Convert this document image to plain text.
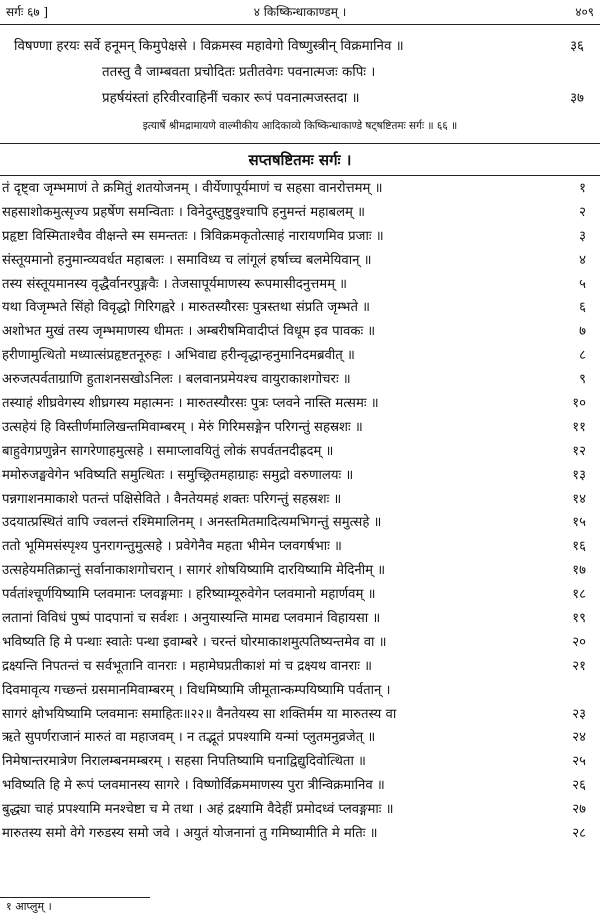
सर्गः ६७ ]	४ किष्किन्धाकाण्डम् ।	४०९
विषण्णा हरयः सर्वे हनूमन् किमुपेक्षसे । विक्रमस्व महावेगो विष्णुस्त्रीन् विक्रमानिव ॥	३६
ततस्तु वै जाम्बवता प्रचोदितः प्रतीतवेगः पवनात्मजः कपिः ।
प्रहर्षयंस्तां हरिवीरवाहिनीं चकार रूपं पवनात्मजस्तदा ॥	३७
इत्यार्षे श्रीमद्रामायणे वाल्मीकीय आदिकाव्ये किष्किन्धाकाण्डे षट्षष्टितमः सर्गः ॥ ६६ ॥
सप्तषष्टितमः सर्गः ।
तं दृष्ट्वा जृम्भमाणं ते क्रमितुं शतयोजनम् । वीर्येणापूर्यमाणं च सहसा वानरोत्तमम् ॥	१
सहसाशोकमुत्सृज्य प्रहर्षेण समन्विताः । विनेदुस्तुष्टुवुश्चापि हनुमन्तं महाबलम् ॥	२
प्रहृष्टा विस्मिताश्चैव वीक्षन्ते स्म समन्ततः । त्रिविक्रमकृतोत्साहं नारायणमिव प्रजाः ॥	३
संस्तूयमानो हनुमान्व्यवर्धत महाबलः । समाविध्य च लांगूलं हर्षाच्च बलमेयिवान् ॥	४
तस्य संस्तूयमानस्य वृद्धैर्वानरपुङ्गवैः । तेजसापूर्यमाणस्य रूपमासीदनुत्तमम् ॥	५
यथा विजृम्भते सिंहो विवृद्धो गिरिगह्वरे । मारुतस्यौरसः पुत्रस्तथा संप्रति जृम्भते ॥	६
अशोभत मुखं तस्य जृम्भमाणस्य धीमतः । अम्बरीषमिवादीप्तं विधूम इव पावकः ॥	७
हरीणामुत्थितो मध्यात्संप्रहृष्टतनूरुहः । अभिवाद्य हरीन्वृद्धान्हनुमानिदमब्रवीत् ॥	८
अरुजत्पर्वताग्राणि हुताशनसखोऽनिलः । बलवानप्रमेयश्च वायुराकाशगोचरः ॥	९
तस्याहं शीघ्रवेगस्य शीघ्रगस्य महात्मनः । मारुतस्यौरसः पुत्रः प्लवने नास्ति मत्समः ॥	१०
उत्सहेयं हि विस्तीर्णमालिखन्तमिवाम्बरम् । मेरुं गिरिमसङ्गेन परिगन्तुं सहस्रशः ॥	११
बाहुवेगप्रणुन्नेन सागरेणाहमुत्सहे । समाप्लावयितुं लोकं सपर्वतनदीह्रदम् ॥	१२
ममोरुजङ्घवेगेन भविष्यति समुत्थितः । समुच्छ्रितमहाग्राहः समुद्रो वरुणालयः ॥	१३
पन्नगाशनमाकाशे पतन्तं पक्षिसेविते । वैनतेयमहं शक्तः परिगन्तुं सहस्रशः ॥	१४
उदयात्प्रस्थितं वापि ज्वलन्तं रश्मिमालिनम् । अनस्तमितमादित्यमभिगन्तुं समुत्सहे ॥	१५
ततो भूमिमसंस्पृश्य पुनरागन्तुमुत्सहे । प्रवेगेनैव महता भीमेन प्लवगर्षभाः ॥	१६
उत्सहेयमतिक्रान्तुं सर्वानाकाशगोचरान् । सागरं शोषयिष्यामि दारयिष्यामि मेदिनीम् ॥	१७
पर्वतांश्चूर्णयिष्यामि प्लवमानः प्लवङ्गमाः । हरिष्याम्यूरुवेगेन प्लवमानो महार्णवम् ॥	१८
लतानां विविधं पुष्पं पादपानां च सर्वशः । अनुयास्यन्ति मामद्य प्लवमानं विहायसा ॥	१९
भविष्यति हि मे पन्थाः स्वातेः पन्था इवाम्बरे । चरन्तं घोरमाकाशमुत्पतिष्यन्तमेव वा ॥	२०
द्रक्ष्यन्ति निपतन्तं च सर्वभूतानि वानराः । महामेघप्रतीकाशं मां च द्रक्ष्यथ वानराः ॥	२१
दिवमावृत्य गच्छन्तं ग्रसमानमिवाम्बरम् । विधमिष्यामि जीमूतान्कम्पयिष्यामि पर्वतान् ।
सागरं क्षोभयिष्यामि प्लवमानः समाहितः॥२२॥ वैनतेयस्य सा शक्तिर्मम या मारुतस्य वा	२३
ऋते सुपर्णराजानं मारुतं वा महाजवम् । न तद्भूतं प्रपश्यामि यन्मां प्लुतमनुव्रजेत् ॥	२४
निमेषान्तरमात्रेण निरालम्बनमम्बरम् । सहसा निपतिष्यामि घनाद्विद्युदिवोत्थिता ॥	२५
भविष्यति हि मे रूपं प्लवमानस्य सागरे । विष्णोर्विक्रममाणस्य पुरा त्रीन्विक्रमानिव ॥	२६
बुद्ध्या चाहं प्रपश्यामि मनश्चेष्टा च मे तथा । अहं द्रक्ष्यामि वैदेहीं प्रमोदध्वं प्लवङ्गमाः ॥	२७
मारुतस्य समो वेगे गरुडस्य समो जवे । अयुतं योजनानां तु गमिष्यामीति मे मतिः ॥	२८
१ आप्लुम् ।
